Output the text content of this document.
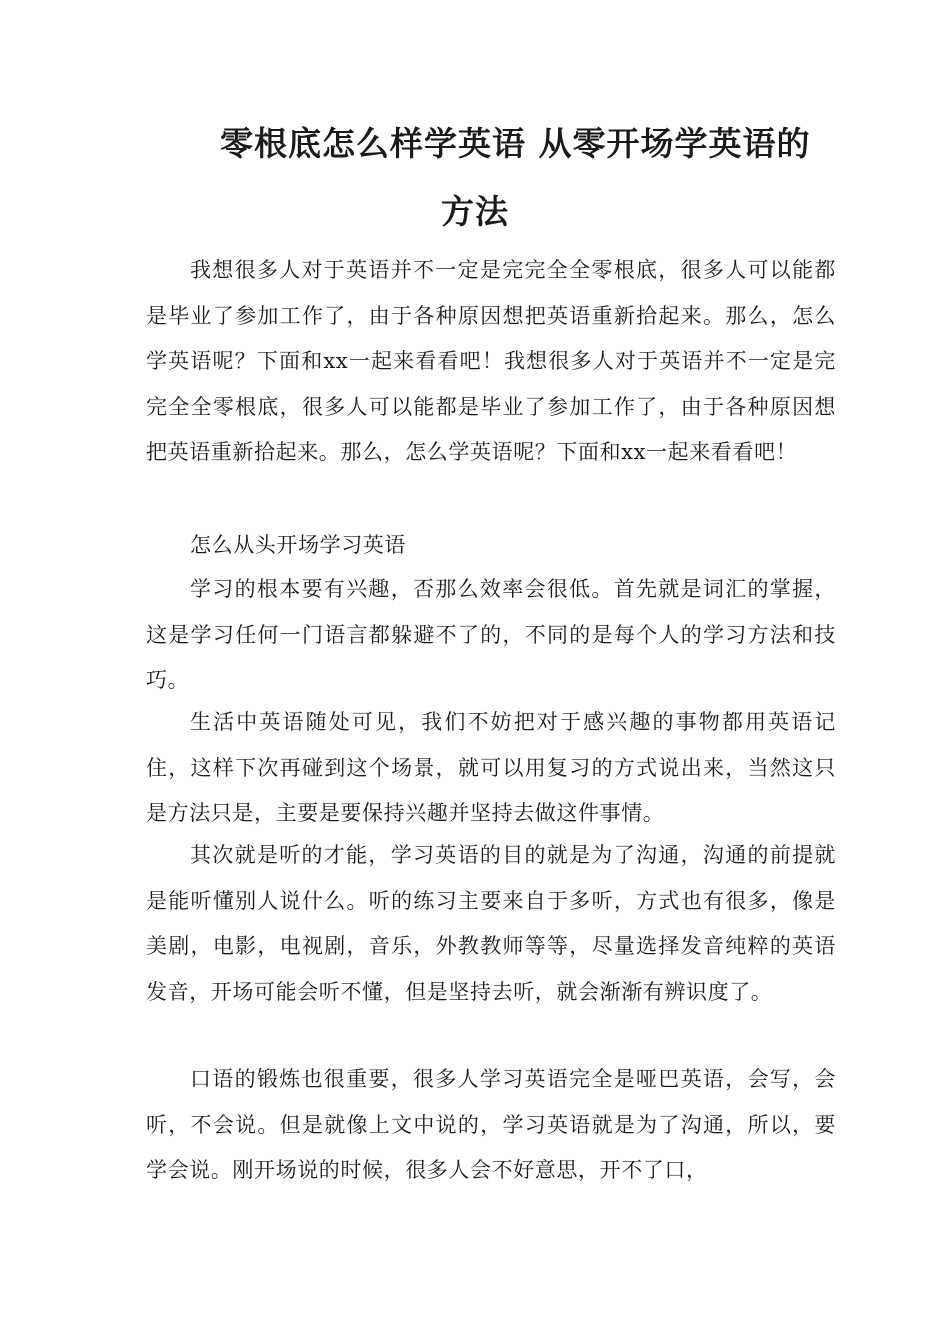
零根底怎么样学英语 从零开场学英语的
方法

我想很多人对于英语并不一定是完完全全零根底，很多人可以能都是毕业了参加工作了，由于各种原因想把英语重新拾起来。那么，怎么学英语呢？下面和xx一起来看看吧！我想很多人对于英语并不一定是完完全全零根底，很多人可以能都是毕业了参加工作了，由于各种原因想把英语重新拾起来。那么，怎么学英语呢？下面和xx一起来看看吧！

怎么从头开场学习英语

学习的根本要有兴趣，否那么效率会很低。首先就是词汇的掌握，这是学习任何一门语言都躲避不了的，不同的是每个人的学习方法和技巧。

生活中英语随处可见，我们不妨把对于感兴趣的事物都用英语记住，这样下次再碰到这个场景，就可以用复习的方式说出来，当然这只是方法只是，主要是要保持兴趣并坚持去做这件事情。

其次就是听的才能，学习英语的目的就是为了沟通，沟通的前提就是能听懂别人说什么。听的练习主要来自于多听，方式也有很多，像是美剧，电影，电视剧，音乐，外教教师等等，尽量选择发音纯粹的英语发音，开场可能会听不懂，但是坚持去听，就会渐渐有辨识度了。

口语的锻炼也很重要，很多人学习英语完全是哑巴英语，会写，会听，不会说。但是就像上文中说的，学习英语就是为了沟通，所以，要学会说。刚开场说的时候，很多人会不好意思，开不了口，
